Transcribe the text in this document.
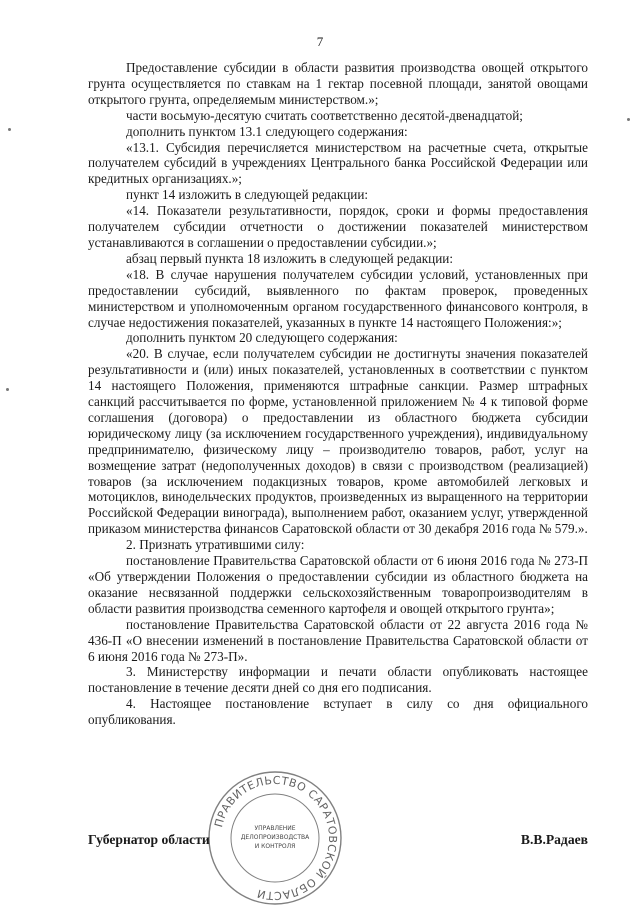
7

Предоставление субсидии в области развития производства овощей открытого грунта осуществляется по ставкам на 1 гектар посевной площади, занятой овощами открытого грунта, определяемым министерством.»;

части восьмую-десятую считать соответственно десятой-двенадцатой;

дополнить пунктом 13.1 следующего содержания:

«13.1. Субсидия перечисляется министерством на расчетные счета, открытые получателем субсидий в учреждениях Центрального банка Российской Федерации или кредитных организациях.»;

пункт 14 изложить в следующей редакции:

«14. Показатели результативности, порядок, сроки и формы предоставления получателем субсидии отчетности о достижении показателей министерством устанавливаются в соглашении о предоставлении субсидии.»;

абзац первый пункта 18 изложить в следующей редакции:

«18. В случае нарушения получателем субсидии условий, установленных при предоставлении субсидий, выявленного по фактам проверок, проведенных министерством и уполномоченным органом государственного финансового контроля, в случае недостижения показателей, указанных в пункте 14 настоящего Положения:»;

дополнить пунктом 20 следующего содержания:

«20. В случае, если получателем субсидии не достигнуты значения показателей результативности и (или) иных показателей, установленных в соответствии с пунктом 14 настоящего Положения, применяются штрафные санкции. Размер штрафных санкций рассчитывается по форме, установленной приложением № 4 к типовой форме соглашения (договора) о предоставлении из областного бюджета субсидии юридическому лицу (за исключением государственного учреждения), индивидуальному предпринимателю, физическому лицу – производителю товаров, работ, услуг на возмещение затрат (недополученных доходов) в связи с производством (реализацией) товаров (за исключением подакцизных товаров, кроме автомобилей легковых и мотоциклов, винодельческих продуктов, произведенных из выращенного на территории Российской Федерации винограда), выполнением работ, оказанием услуг, утвержденной приказом министерства финансов Саратовской области от 30 декабря 2016 года № 579.».

2. Признать утратившими силу:

постановление Правительства Саратовской области от 6 июня 2016 года № 273-П «Об утверждении Положения о предоставлении субсидии из областного бюджета на оказание несвязанной поддержки сельскохозяйственным товаропроизводителям в области развития производства семенного картофеля и овощей открытого грунта»;

постановление Правительства Саратовской области от 22 августа 2016 года № 436-П «О внесении изменений в постановление Правительства Саратовской области от 6 июня 2016 года № 273-П».

3. Министерству информации и печати области опубликовать настоящее постановление в течение десяти дней со дня его подписания.

4. Настоящее постановление вступает в силу со дня официального опубликования.

ПРАВИТЕЛЬСТВО САРАТОВСКОЙ ОБЛАСТИ
УПРАВЛЕНИЕ
ДЕЛОПРОИЗВОДСТВА
И КОНТРОЛЯ
Губернатор области	В.В.Радаев
